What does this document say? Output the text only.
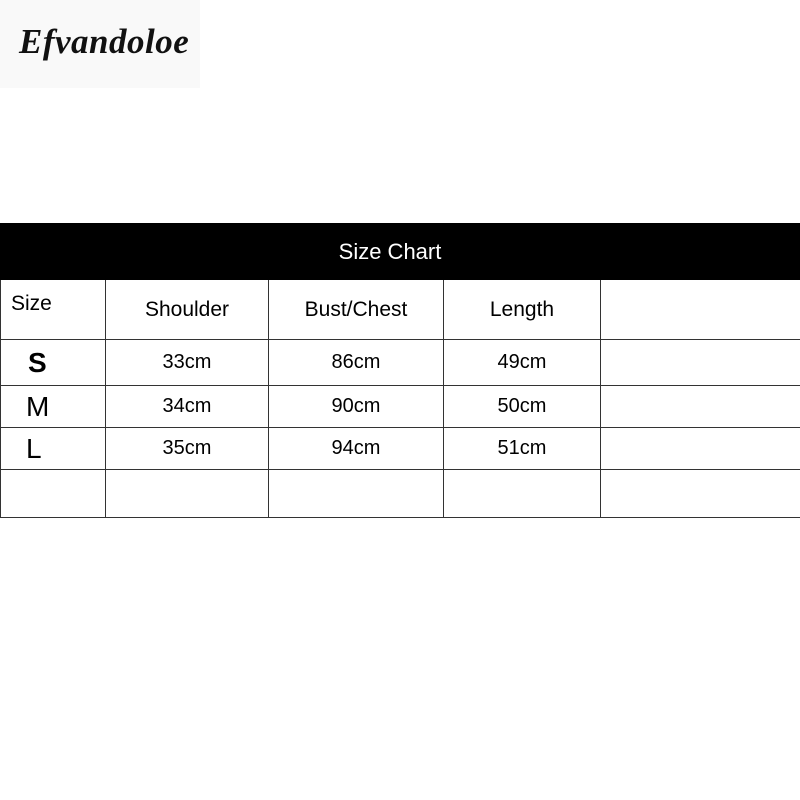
Efvandoloe
Size Chart
Size	Shoulder	Bust/Chest	Length	
S	33cm	86cm	49cm	
M	34cm	90cm	50cm	
L	35cm	94cm	51cm	
